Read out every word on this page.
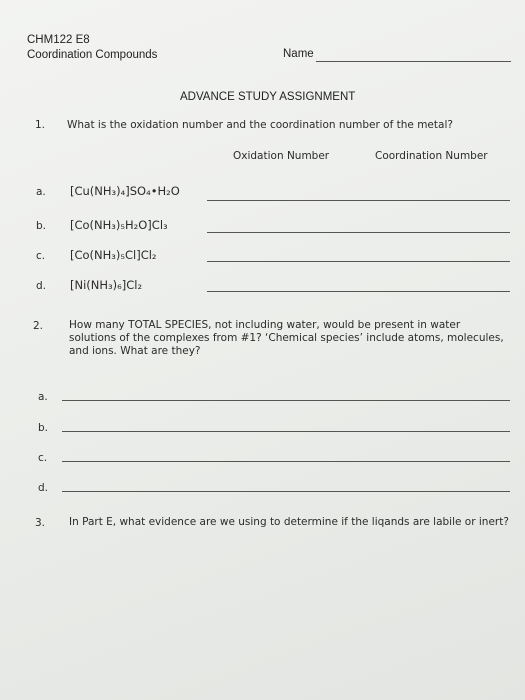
CHM122 E8
Coordination Compounds	Name
ADVANCE STUDY ASSIGNMENT
1. What is the oxidation number and the coordination number of the metal?
Oxidation Number	Coordination Number
a. [Cu(NH₃)₄]SO₄•H₂O
b. [Co(NH₃)₅H₂O]Cl₃
c. [Co(NH₃)₅Cl]Cl₂
d. [Ni(NH₃)₆]Cl₂
2. How many TOTAL SPECIES, not including water, would be present in water solutions of the complexes from #1? ‘Chemical species’ include atoms, molecules, and ions. What are they?
a.
b.
c.
d.
3. In Part E, what evidence are we using to determine if the liqands are labile or inert?
